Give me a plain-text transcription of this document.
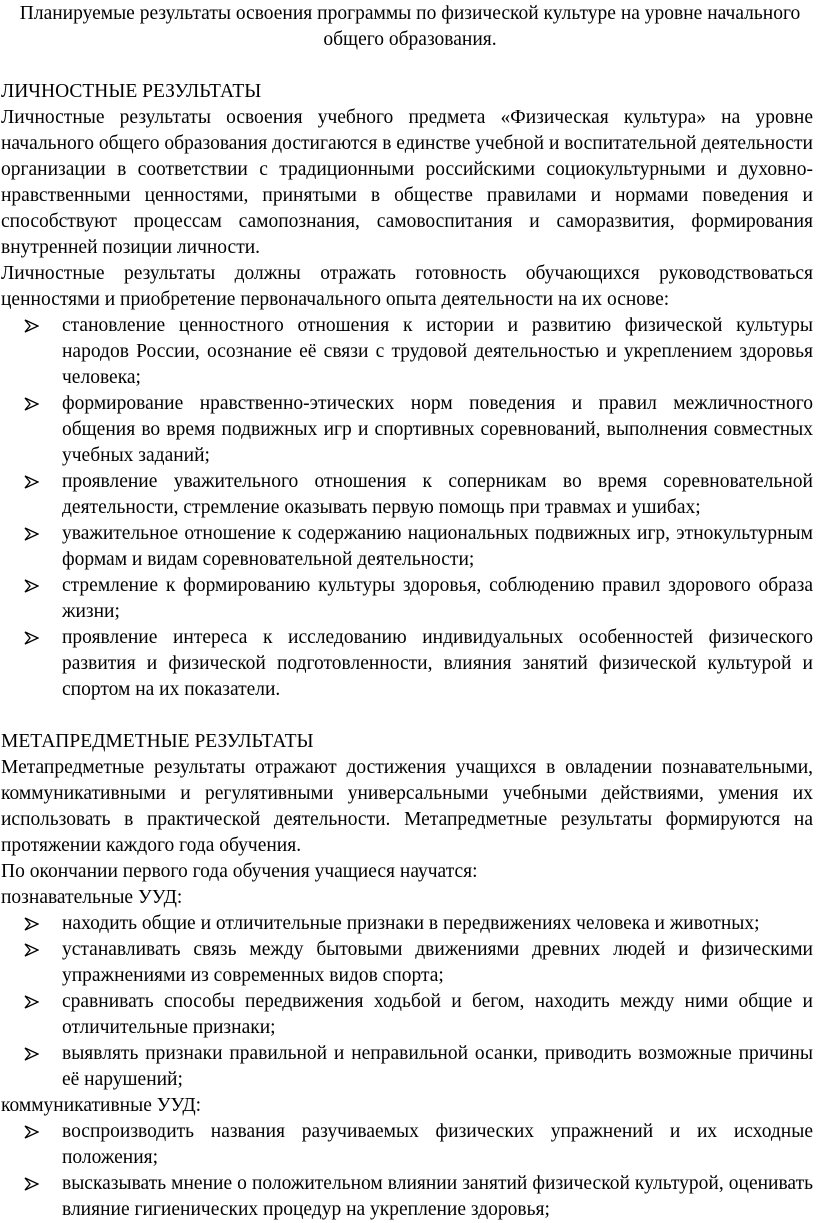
Планируемые результаты освоения программы по физической культуре на уровне начального общего образования.

ЛИЧНОСТНЫЕ РЕЗУЛЬТАТЫ

Личностные результаты освоения учебного предмета «Физическая культура» на уровне начального общего образования достигаются в единстве учебной и воспитательной деятельности организации в соответствии с традиционными российскими социокультурными и духовно-нравственными ценностями, принятыми в обществе правилами и нормами поведения и способствуют процессам самопознания, самовоспитания и саморазвития, формирования внутренней позиции личности.

Личностные результаты должны отражать готовность обучающихся руководствоваться ценностями и приобретение первоначального опыта деятельности на их основе:

становление ценностного отношения к истории и развитию физической культуры народов России, осознание её связи с трудовой деятельностью и укреплением здоровья человека;
формирование нравственно-этических норм поведения и правил межличностного общения во время подвижных игр и спортивных соревнований, выполнения совместных учебных заданий;
проявление уважительного отношения к соперникам во время соревновательной деятельности, стремление оказывать первую помощь при травмах и ушибах;
уважительное отношение к содержанию национальных подвижных игр, этнокультурным формам и видам соревновательной деятельности;
стремление к формированию культуры здоровья, соблюдению правил здорового образа жизни;
проявление интереса к исследованию индивидуальных особенностей физического развития и физической подготовленности, влияния занятий физической культурой и спортом на их показатели.

МЕТАПРЕДМЕТНЫЕ РЕЗУЛЬТАТЫ

Метапредметные результаты отражают достижения учащихся в овладении познавательными, коммуникативными и регулятивными универсальными учебными действиями, умения их использовать в практической деятельности. Метапредметные результаты формируются на протяжении каждого года обучения.

По окончании первого года обучения учащиеся научатся:

познавательные УУД:

находить общие и отличительные признаки в передвижениях человека и животных;
устанавливать связь между бытовыми движениями древних людей и физическими упражнениями из современных видов спорта;
сравнивать способы передвижения ходьбой и бегом, находить между ними общие и отличительные признаки;
выявлять признаки правильной и неправильной осанки, приводить возможные причины её нарушений;

коммуникативные УУД:

воспроизводить названия разучиваемых физических упражнений и их исходные положения;
высказывать мнение о положительном влиянии занятий физической культурой, оценивать влияние гигиенических процедур на укрепление здоровья;
